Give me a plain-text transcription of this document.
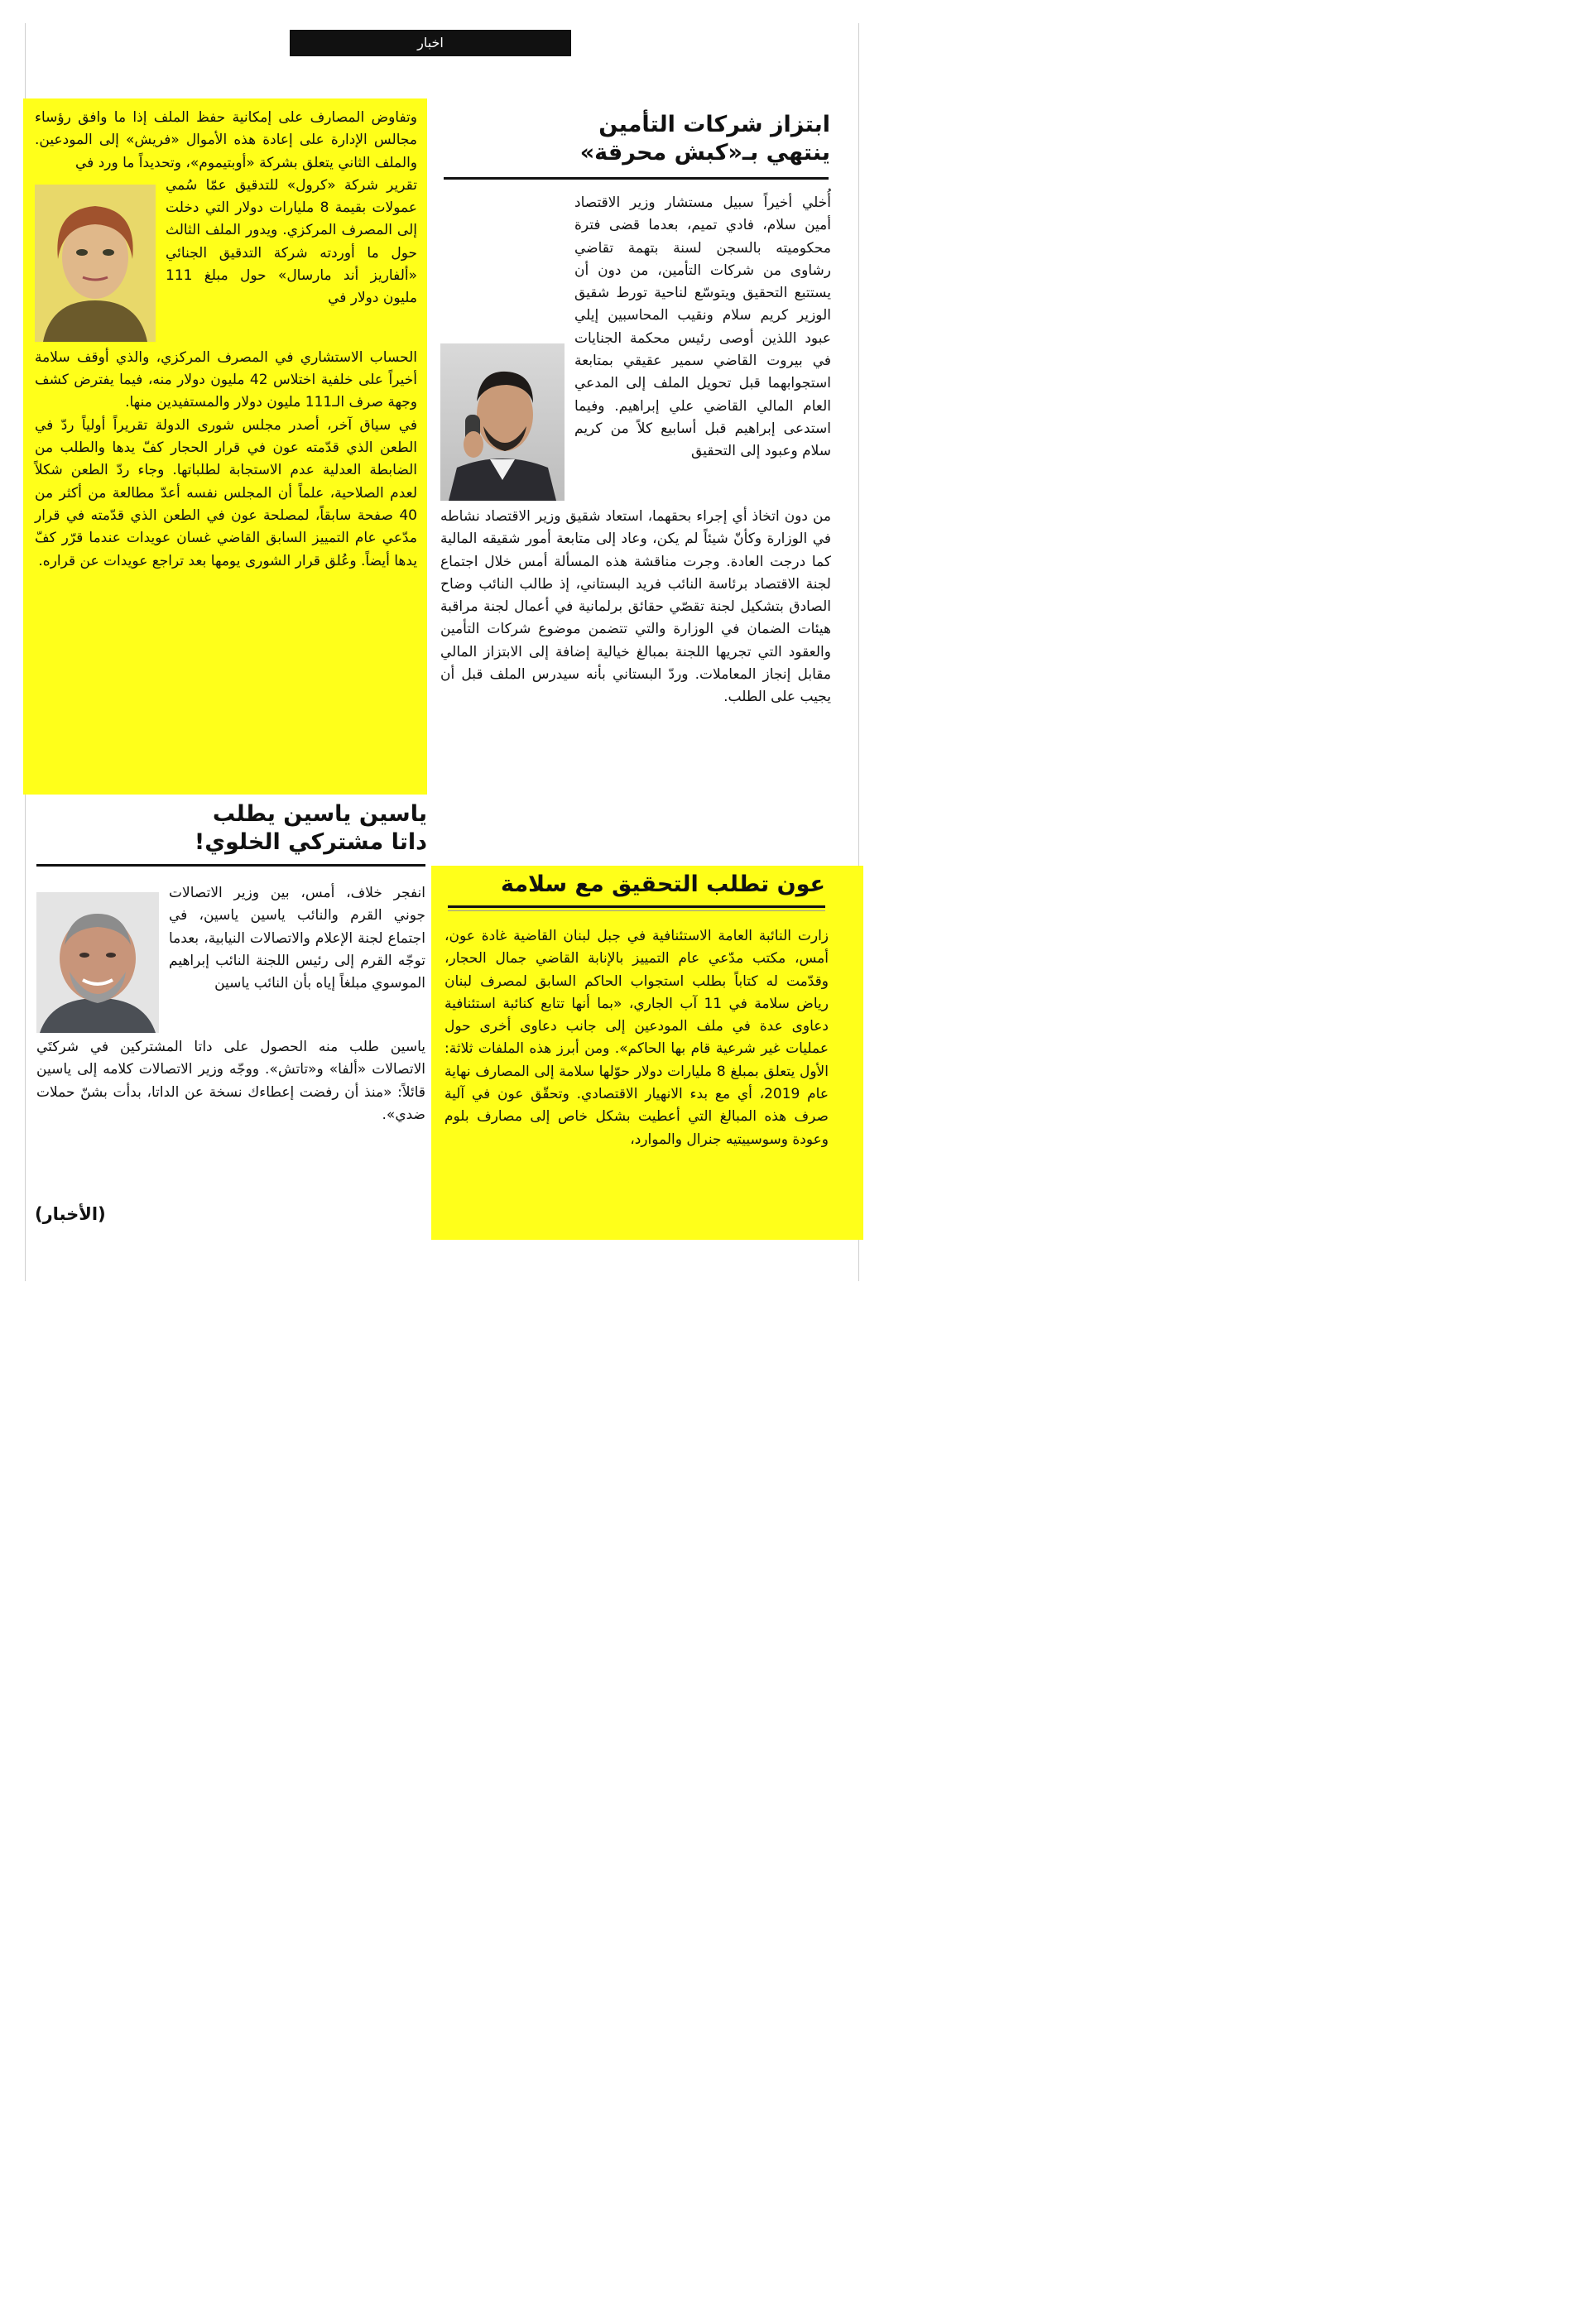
اخبار
ابتزاز شركات التأمين
ينتهي بـ«كبش محرقة»

أُخلي أخيراً سبيل مستشار وزير الاقتصاد أمين سلام، فادي تميم، بعدما قضى فترة محكوميته بالسجن لسنة بتهمة تقاضي رشاوى من شركات التأمين، من دون أن يستتبع التحقيق ويتوسّع لناحية تورط شقيق الوزير كريم سلام ونقيب المحاسبين إيلي عبود اللذين أوصى رئيس محكمة الجنايات في بيروت القاضي سمير عقيقي بمتابعة استجوابهما قبل تحويل الملف إلى المدعي العام المالي القاضي علي إبراهيم. وفيما استدعى إبراهيم قبل أسابيع كلاً من كريم سلام وعبود إلى التحقيق

من دون اتخاذ أي إجراء بحقهما، استعاد شقيق وزير الاقتصاد نشاطه في الوزارة وكأنّ شيئاً لم يكن، وعاد إلى متابعة أمور شقيقه المالية كما درجت العادة. وجرت مناقشة هذه المسألة أمس خلال اجتماع لجنة الاقتصاد برئاسة النائب فريد البستاني، إذ طالب النائب وضاح الصادق بتشكيل لجنة تقصّي حقائق برلمانية في أعمال لجنة مراقبة هيئات الضمان في الوزارة والتي تتضمن موضوع شركات التأمين والعقود التي تجريها اللجنة بمبالغ خيالية إضافة إلى الابتزاز المالي مقابل إنجاز المعاملات. وردّ البستاني بأنه سيدرس الملف قبل أن يجيب على الطلب.

وتفاوض المصارف على إمكانية حفظ الملف إذا ما وافق رؤساء مجالس الإدارة على إعادة هذه الأموال «فريش» إلى المودعين. والملف الثاني يتعلق بشركة «أوبتيموم»، وتحديداً ما ورد في

تقرير شركة «كرول» للتدقيق عمّا سُمي عمولات بقيمة 8 مليارات دولار التي دخلت إلى المصرف المركزي. ويدور الملف الثالث حول ما أوردته شركة التدقيق الجنائي «ألفاريز أند مارسال» حول مبلغ 111 مليون دولار في

الحساب الاستشاري في المصرف المركزي، والذي أوقف سلامة أخيراً على خلفية اختلاس 42 مليون دولار منه، فيما يفترض كشف وجهة صرف الـ111 مليون دولار والمستفيدين منها.

في سياق آخر، أصدر مجلس شورى الدولة تقريراً أولياً ردّ في الطعن الذي قدّمته عون في قرار الحجار كفّ يدها والطلب من الضابطة العدلية عدم الاستجابة لطلباتها. وجاء ردّ الطعن شكلاً لعدم الصلاحية، علماً أن المجلس نفسه أعدّ مطالعة من أكثر من 40 صفحة سابقاً، لمصلحة عون في الطعن الذي قدّمته في قرار مدّعي عام التمييز السابق القاضي غسان عويدات عندما قرّر كفّ يدها أيضاً. وعُلق قرار الشورى يومها بعد تراجع عويدات عن قراره.

ياسين ياسين يطلب
داتا مشتركي الخلوي!

انفجر خلاف، أمس، بين وزير الاتصالات جوني القرم والنائب ياسين ياسين، في اجتماع لجنة الإعلام والاتصالات النيابية، بعدما توجّه القرم إلى رئيس اللجنة النائب إبراهيم الموسوي مبلغاً إياه بأن النائب ياسين

ياسين طلب منه الحصول على داتا المشتركين في شركتَي الاتصالات «ألفا» و«تاتش». ووجّه وزير الاتصالات كلامه إلى ياسين قائلاً: «منذ أن رفضت إعطاءك نسخة عن الداتا، بدأت بشنّ حملات ضدي».

(الأخبار)
عون تطلب التحقيق مع سلامة

زارت النائبة العامة الاستئنافية في جبل لبنان القاضية غادة عون، أمس، مكتب مدّعي عام التمييز بالإنابة القاضي جمال الحجار، وقدّمت له كتاباً بطلب استجواب الحاكم السابق لمصرف لبنان رياض سلامة في 11 آب الجاري، «بما أنها تتابع كنائبة استئنافية دعاوى عدة في ملف المودعين إلى جانب دعاوى أخرى حول عمليات غير شرعية قام بها الحاكم». ومن أبرز هذه الملفات ثلاثة: الأول يتعلق بمبلغ 8 مليارات دولار حوّلها سلامة إلى المصارف نهاية عام 2019، أي مع بدء الانهيار الاقتصادي. وتحقّق عون في آلية صرف هذه المبالغ التي أعطيت بشكل خاص إلى مصارف بلوم وعودة وسوسييتيه جنرال والموارد،
